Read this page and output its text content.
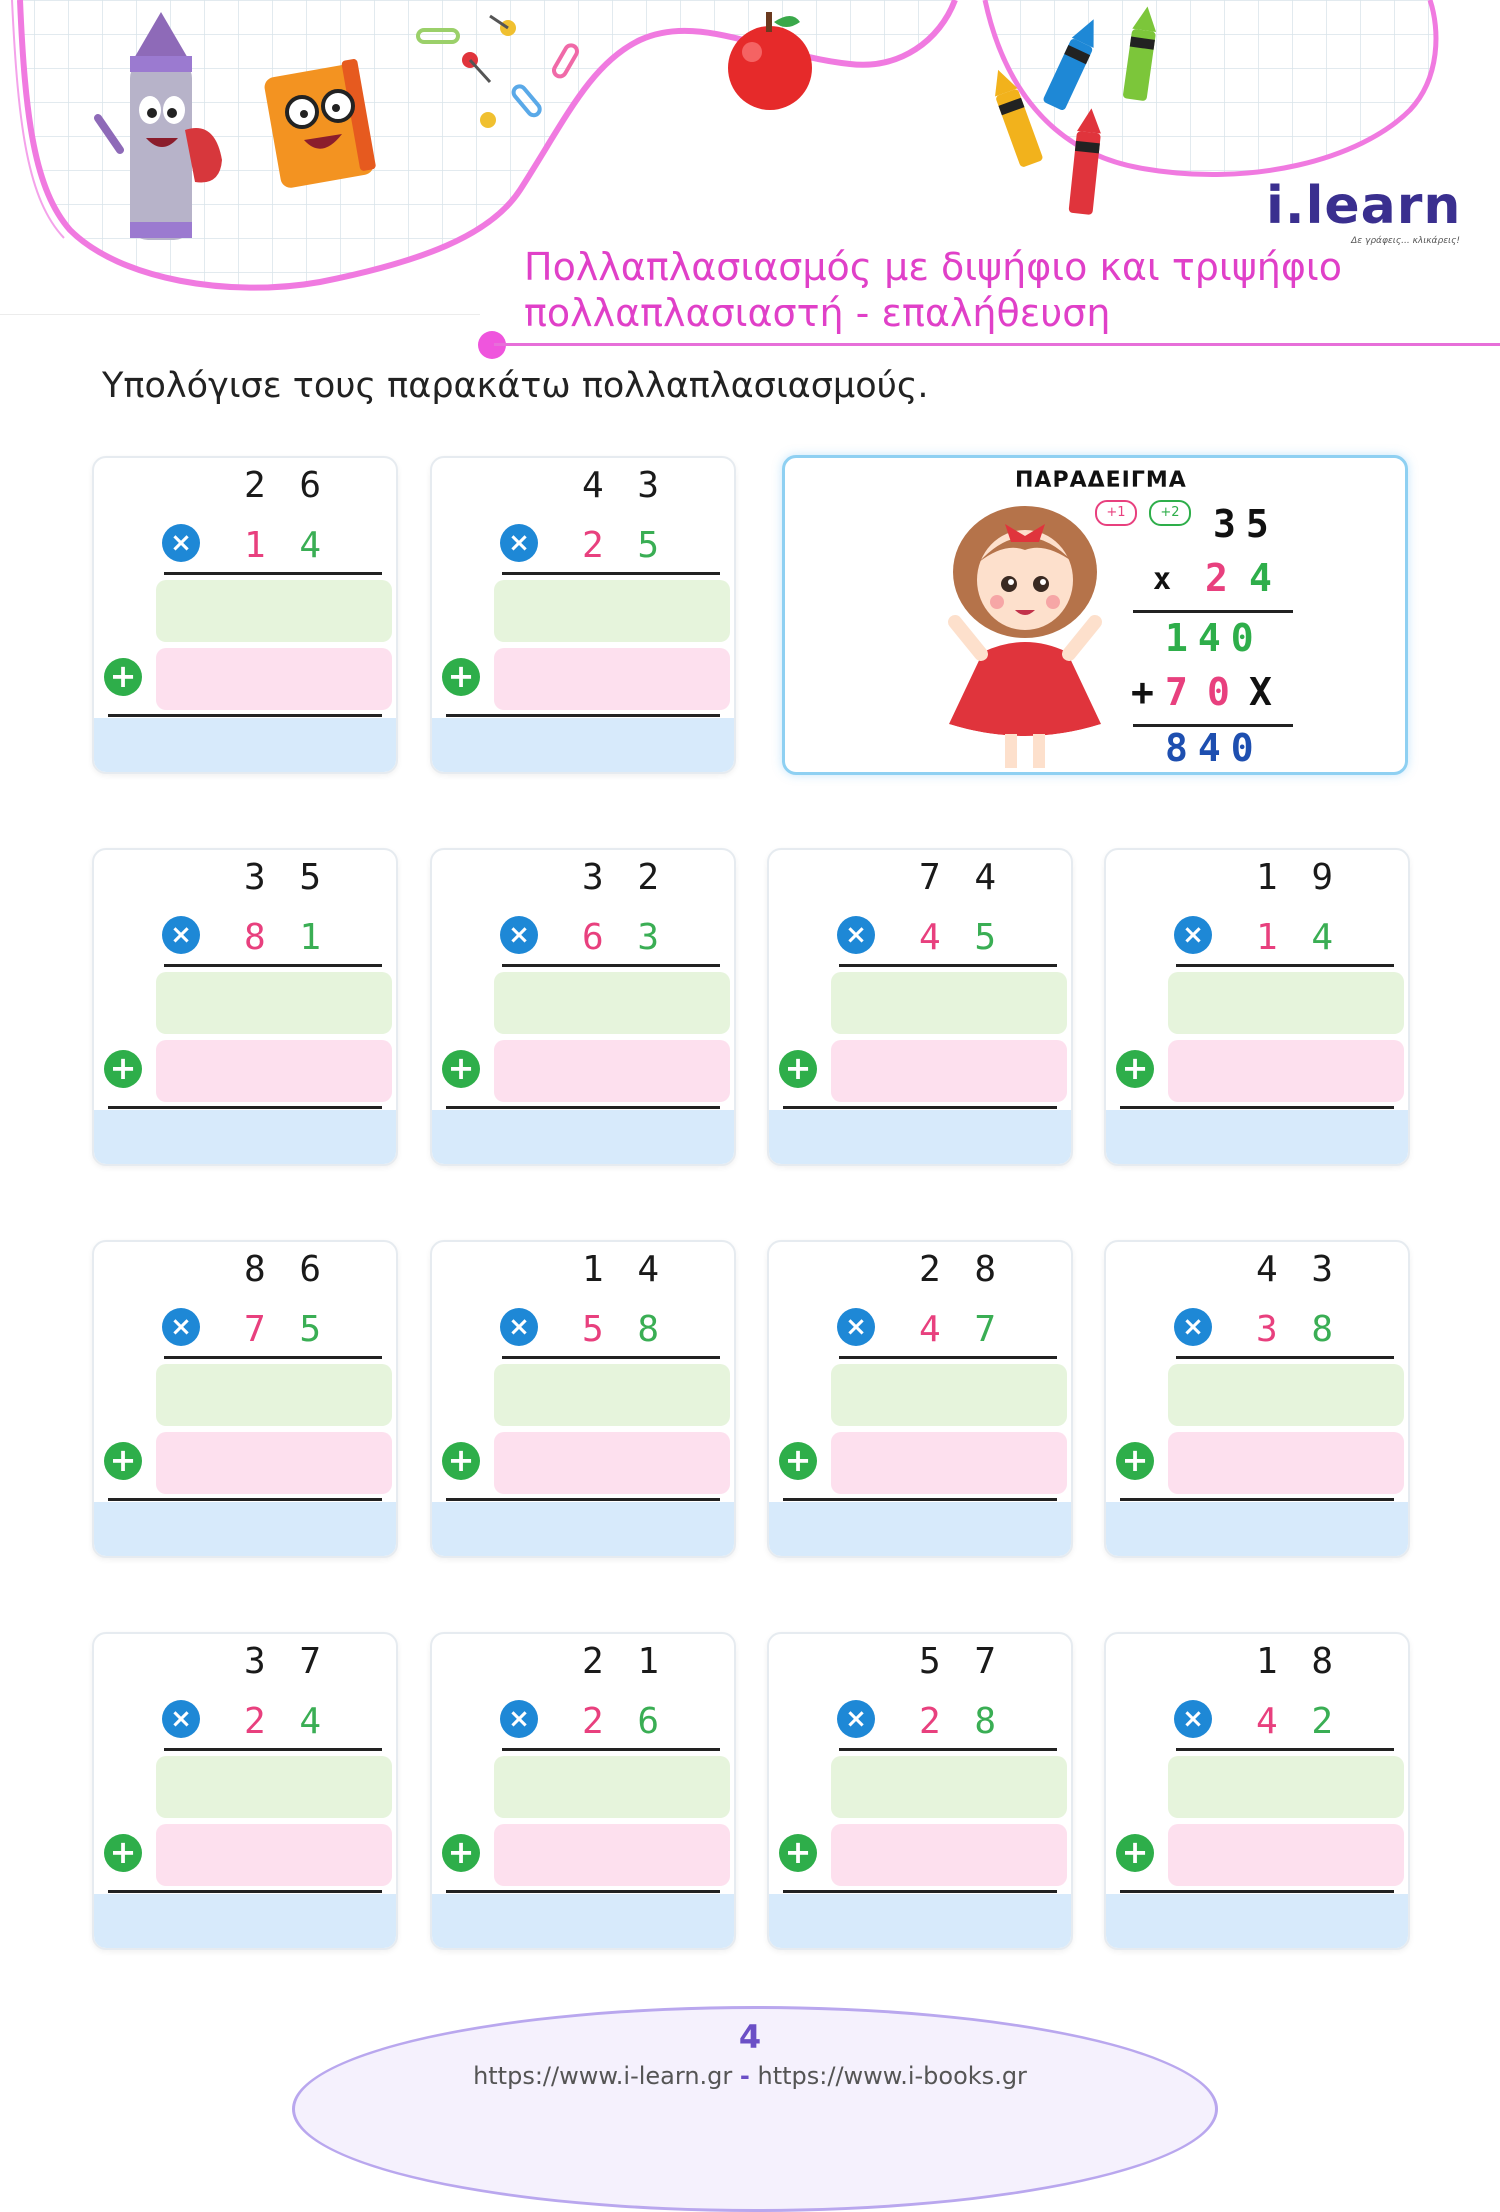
i.learn
Δε γράφεις... κλικάρεις!
Πολλαπλασιασμός με διψήφιο και τριψήφιο πολλαπλασιαστή - επαλήθευση
Υπολόγισε τους παρακάτω πολλαπλασιασμούς.
2 6
× 1 4
+
4 3
× 2 5
+
3 5
× 8 1
+
3 2
× 6 3
+
7 4
× 4 5
+
1 9
× 1 4
+
8 6
× 7 5
+
1 4
× 5 8
+
2 8
× 4 7
+
4 3
× 3 8
+
3 7
× 2 4
+
2 1
× 2 6
+
5 7
× 2 8
+
1 8
× 4 2
+
ΠΑΡΑΔΕΙΓΜΑ
+1	+2 35
x 2 4
140
+ 7 0 X
840
4
https://www.i-learn.gr - https://www.i-books.gr
